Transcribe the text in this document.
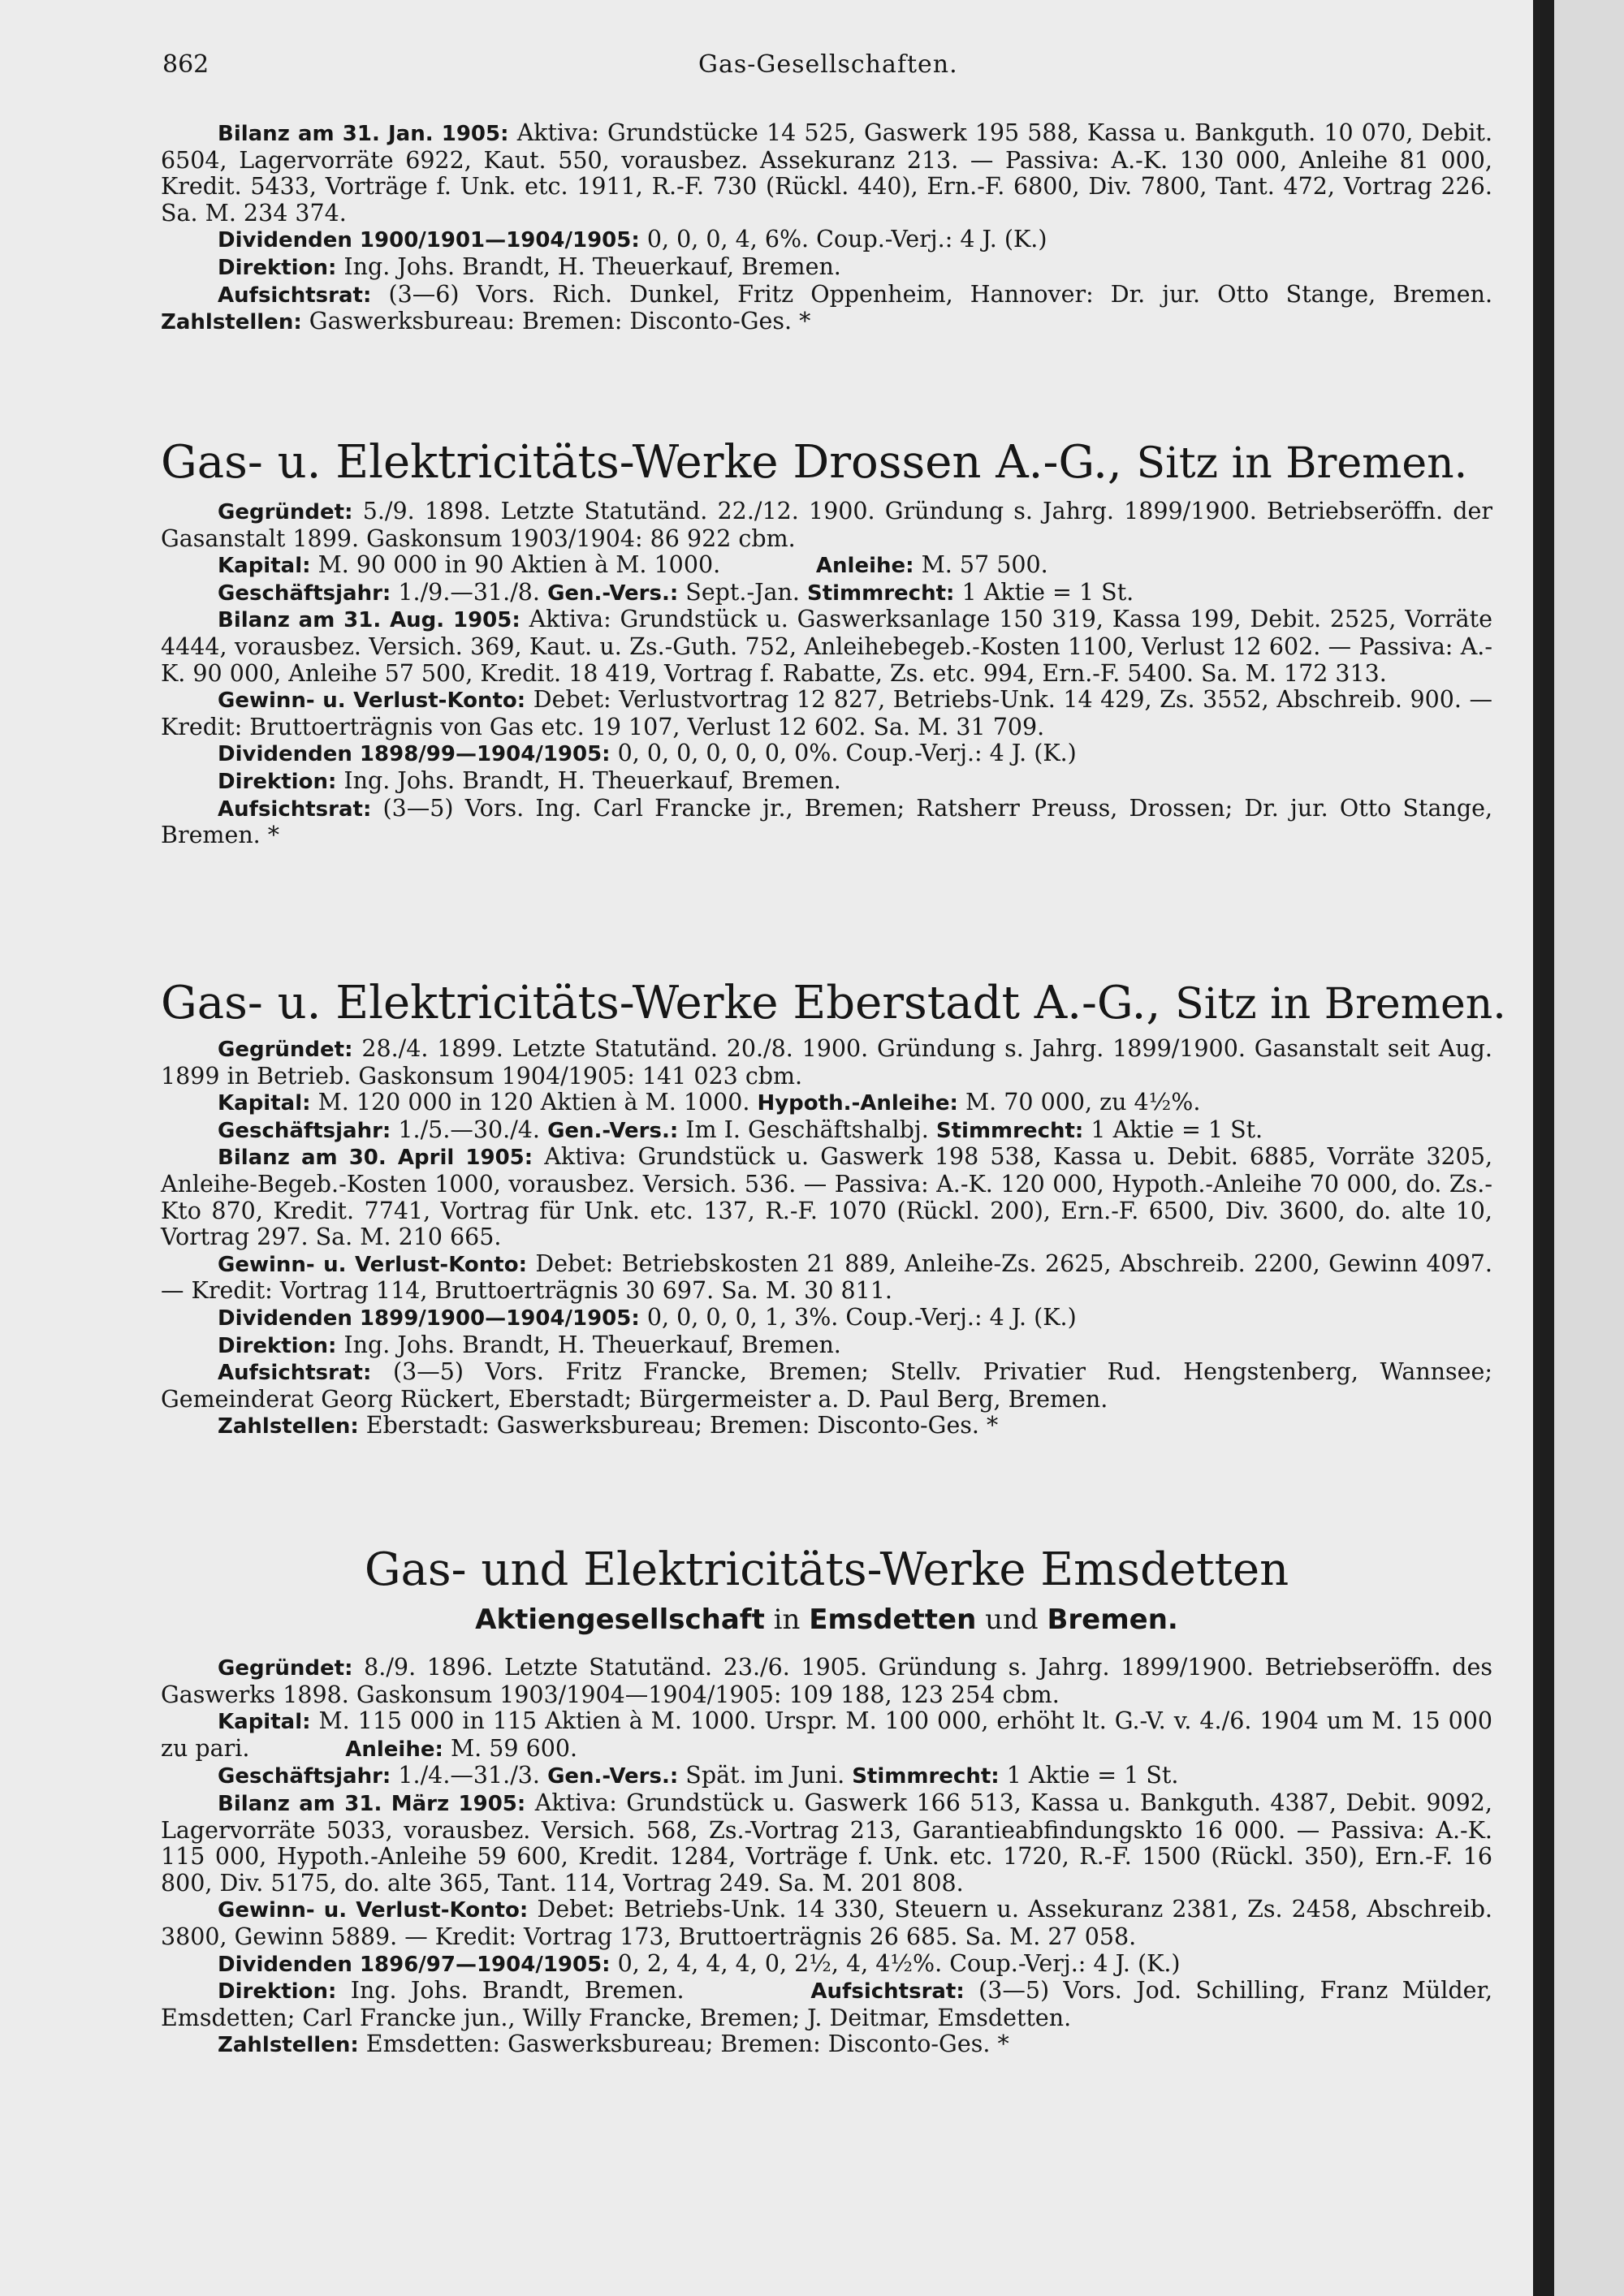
862	Gas-Gesellschaften.

Bilanz am 31. Jan. 1905: Aktiva: Grundstücke 14 525, Gaswerk 195 588, Kassa u. Bankguth. 10 070, Debit. 6504, Lagervorräte 6922, Kaut. 550, vorausbez. Assekuranz 213. — Passiva: A.-K. 130 000, Anleihe 81 000, Kredit. 5433, Vorträge f. Unk. etc. 1911, R.-F. 730 (Rückl. 440), Ern.-F. 6800, Div. 7800, Tant. 472, Vortrag 226. Sa. M. 234 374.

Dividenden 1900/1901—1904/1905: 0, 0, 0, 4, 6%. Coup.-Verj.: 4 J. (K.)

Direktion: Ing. Johs. Brandt, H. Theuerkauf, Bremen.

Aufsichtsrat: (3—6) Vors. Rich. Dunkel, Fritz Oppenheim, Hannover: Dr. jur. Otto Stange, Bremen. Zahlstellen: Gaswerksbureau: Bremen: Disconto-Ges. *

Gas- u. Elektricitäts-Werke Drossen A.-G., Sitz in Bremen.

Gegründet: 5./9. 1898. Letzte Statutänd. 22./12. 1900. Gründung s. Jahrg. 1899/1900. Betriebseröffn. der Gasanstalt 1899. Gaskonsum 1903/1904: 86 922 cbm.

Kapital: M. 90 000 in 90 Aktien à M. 1000.	Anleihe: M. 57 500.

Geschäftsjahr: 1./9.—31./8. Gen.-Vers.: Sept.-Jan. Stimmrecht: 1 Aktie = 1 St.

Bilanz am 31. Aug. 1905: Aktiva: Grundstück u. Gaswerksanlage 150 319, Kassa 199, Debit. 2525, Vorräte 4444, vorausbez. Versich. 369, Kaut. u. Zs.-Guth. 752, Anleihebegeb.-Kosten 1100, Verlust 12 602. — Passiva: A.-K. 90 000, Anleihe 57 500, Kredit. 18 419, Vortrag f. Rabatte, Zs. etc. 994, Ern.-F. 5400. Sa. M. 172 313.

Gewinn- u. Verlust-Konto: Debet: Verlustvortrag 12 827, Betriebs-Unk. 14 429, Zs. 3552, Abschreib. 900. — Kredit: Bruttoerträgnis von Gas etc. 19 107, Verlust 12 602. Sa. M. 31 709.

Dividenden 1898/99—1904/1905: 0, 0, 0, 0, 0, 0, 0%. Coup.-Verj.: 4 J. (K.)

Direktion: Ing. Johs. Brandt, H. Theuerkauf, Bremen.

Aufsichtsrat: (3—5) Vors. Ing. Carl Francke jr., Bremen; Ratsherr Preuss, Drossen; Dr. jur. Otto Stange, Bremen. *

Gas- u. Elektricitäts-Werke Eberstadt A.-G., Sitz in Bremen.

Gegründet: 28./4. 1899. Letzte Statutänd. 20./8. 1900. Gründung s. Jahrg. 1899/1900. Gasanstalt seit Aug. 1899 in Betrieb. Gaskonsum 1904/1905: 141 023 cbm.

Kapital: M. 120 000 in 120 Aktien à M. 1000. Hypoth.-Anleihe: M. 70 000, zu 4½%.

Geschäftsjahr: 1./5.—30./4. Gen.-Vers.: Im I. Geschäftshalbj. Stimmrecht: 1 Aktie = 1 St.

Bilanz am 30. April 1905: Aktiva: Grundstück u. Gaswerk 198 538, Kassa u. Debit. 6885, Vorräte 3205, Anleihe-Begeb.-Kosten 1000, vorausbez. Versich. 536. — Passiva: A.-K. 120 000, Hypoth.-Anleihe 70 000, do. Zs.-Kto 870, Kredit. 7741, Vortrag für Unk. etc. 137, R.-F. 1070 (Rückl. 200), Ern.-F. 6500, Div. 3600, do. alte 10, Vortrag 297. Sa. M. 210 665.

Gewinn- u. Verlust-Konto: Debet: Betriebskosten 21 889, Anleihe-Zs. 2625, Abschreib. 2200, Gewinn 4097. — Kredit: Vortrag 114, Bruttoerträgnis 30 697. Sa. M. 30 811.

Dividenden 1899/1900—1904/1905: 0, 0, 0, 0, 1, 3%. Coup.-Verj.: 4 J. (K.)

Direktion: Ing. Johs. Brandt, H. Theuerkauf, Bremen.

Aufsichtsrat: (3—5) Vors. Fritz Francke, Bremen; Stellv. Privatier Rud. Hengstenberg, Wannsee; Gemeinderat Georg Rückert, Eberstadt; Bürgermeister a. D. Paul Berg, Bremen.

Zahlstellen: Eberstadt: Gaswerksbureau; Bremen: Disconto-Ges. *

Gas- und Elektricitäts-Werke Emsdetten
Aktiengesellschaft in Emsdetten und Bremen.

Gegründet: 8./9. 1896. Letzte Statutänd. 23./6. 1905. Gründung s. Jahrg. 1899/1900. Betriebseröffn. des Gaswerks 1898. Gaskonsum 1903/1904—1904/1905: 109 188, 123 254 cbm.

Kapital: M. 115 000 in 115 Aktien à M. 1000. Urspr. M. 100 000, erhöht lt. G.-V. v. 4./6. 1904 um M. 15 000 zu pari.	Anleihe: M. 59 600.

Geschäftsjahr: 1./4.—31./3. Gen.-Vers.: Spät. im Juni. Stimmrecht: 1 Aktie = 1 St.

Bilanz am 31. März 1905: Aktiva: Grundstück u. Gaswerk 166 513, Kassa u. Bankguth. 4387, Debit. 9092, Lagervorräte 5033, vorausbez. Versich. 568, Zs.-Vortrag 213, Garantieabfindungskto 16 000. — Passiva: A.-K. 115 000, Hypoth.-Anleihe 59 600, Kredit. 1284, Vorträge f. Unk. etc. 1720, R.-F. 1500 (Rückl. 350), Ern.-F. 16 800, Div. 5175, do. alte 365, Tant. 114, Vortrag 249. Sa. M. 201 808.

Gewinn- u. Verlust-Konto: Debet: Betriebs-Unk. 14 330, Steuern u. Assekuranz 2381, Zs. 2458, Abschreib. 3800, Gewinn 5889. — Kredit: Vortrag 173, Bruttoerträgnis 26 685. Sa. M. 27 058.

Dividenden 1896/97—1904/1905: 0, 2, 4, 4, 4, 0, 2½, 4, 4½%. Coup.-Verj.: 4 J. (K.)

Direktion: Ing. Johs. Brandt, Bremen.	Aufsichtsrat: (3—5) Vors. Jod. Schilling, Franz Mülder, Emsdetten; Carl Francke jun., Willy Francke, Bremen; J. Deitmar, Emsdetten.

Zahlstellen: Emsdetten: Gaswerksbureau; Bremen: Disconto-Ges. *
